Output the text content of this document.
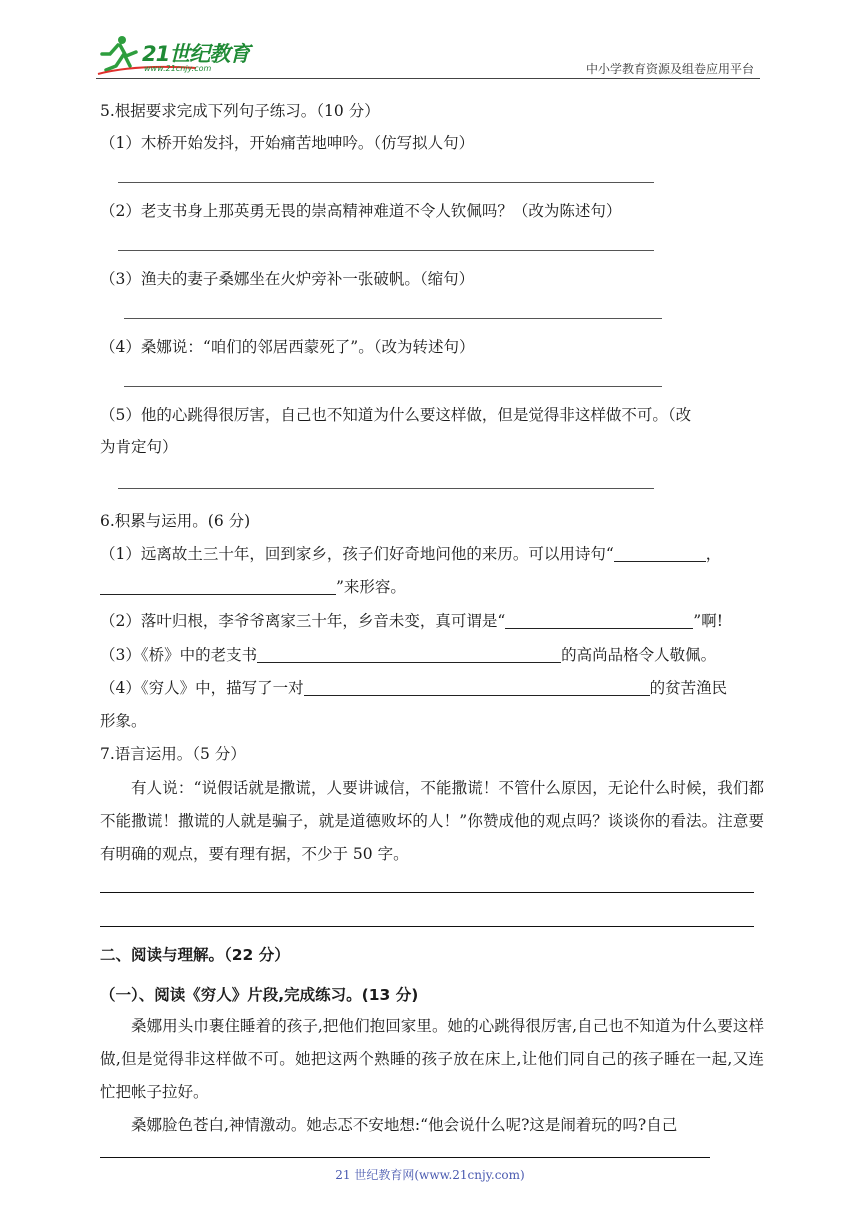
21世纪教育
www.21cnjy.com	中小学教育资源及组卷应用平台
5.根据要求完成下列句子练习。（10 分）
（1）木桥开始发抖，开始痛苦地呻吟。（仿写拟人句）
（2）老支书身上那英勇无畏的崇高精神难道不令人钦佩吗？（改为陈述句）
（3）渔夫的妻子桑娜坐在火炉旁补一张破帆。（缩句）
（4）桑娜说：“咱们的邻居西蒙死了”。（改为转述句）
（5）他的心跳得很厉害，自己也不知道为什么要这样做，但是觉得非这样做不可。（改
为肯定句）
6.积累与运用。(6 分)
（1）远离故土三十年，回到家乡，孩子们好奇地问他的来历。可以用诗句“	，
”来形容。
（2）落叶归根，李爷爷离家三十年，乡音未变，真可谓是“	”啊!
（3）《桥》中的老支书	的高尚品格令人敬佩。
（4）《穷人》中，描写了一对	的贫苦渔民
形象。
7.语言运用。（5 分）
有人说：“说假话就是撒谎，人要讲诚信，不能撒谎！不管什么原因，无论什么时候，我们都不能撒谎！撒谎的人就是骗子，就是道德败坏的人！”你赞成他的观点吗？谈谈你的看法。注意要有明确的观点，要有理有据，不少于 50 字。
二、阅读与理解。（22 分）
（一）、阅读《穷人》片段,完成练习。(13 分)
桑娜用头巾裹住睡着的孩子,把他们抱回家里。她的心跳得很厉害,自己也不知道为什么要这样做,但是觉得非这样做不可。她把这两个熟睡的孩子放在床上,让他们同自己的孩子睡在一起,又连忙把帐子拉好。
桑娜脸色苍白,神情激动。她忐忑不安地想:“他会说什么呢?这是闹着玩的吗?自己
21 世纪教育网(www.21cnjy.com)
